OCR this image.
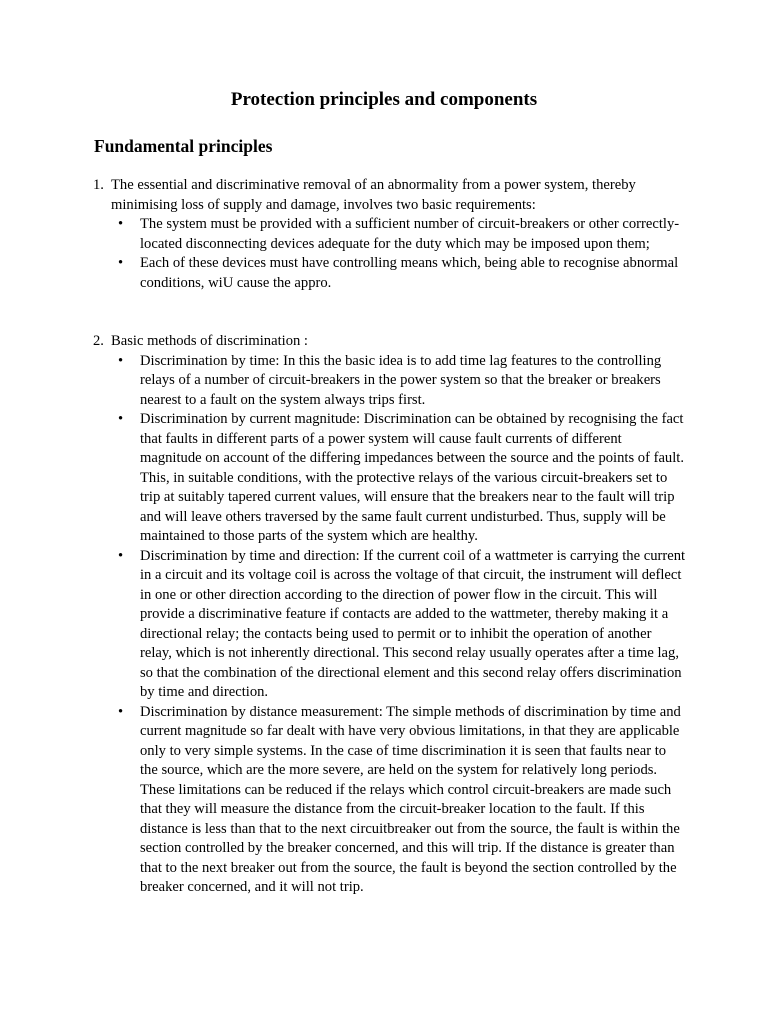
Protection principles and components
Fundamental principles
1. The essential and discriminative removal of an abnormality from a power system, thereby minimising loss of supply and damage, involves two basic requirements:
• The system must be provided with a sufficient number of circuit-breakers or other correctly-located disconnecting devices adequate for the duty which may be imposed upon them;
• Each of these devices must have controlling means which, being able to recognise abnormal conditions, wiU cause the appro.
2. Basic methods of discrimination :
• Discrimination by time: In this the basic idea is to add time lag features to the controlling relays of a number of circuit-breakers in the power system so that the breaker or breakers nearest to a fault on the system always trips first.
• Discrimination by current magnitude: Discrimination can be obtained by recognising the fact that faults in different parts of a power system will cause fault currents of different magnitude on account of the differing impedances between the source and the points of fault. This, in suitable conditions, with the protective relays of the various circuit-breakers set to trip at suitably tapered current values, will ensure that the breakers near to the fault will trip and will leave others traversed by the same fault current undisturbed. Thus, supply will be maintained to those parts of the system which are healthy.
• Discrimination by time and direction: If the current coil of a wattmeter is carrying the current in a circuit and its voltage coil is across the voltage of that circuit, the instrument will deflect in one or other direction according to the direction of power flow in the circuit. This will provide a discriminative feature if contacts are added to the wattmeter, thereby making it a directional relay; the contacts being used to permit or to inhibit the operation of another relay, which is not inherently directional. This second relay usually operates after a time lag, so that the combination of the directional element and this second relay offers discrimination by time and direction.
• Discrimination by distance measurement: The simple methods of discrimination by time and current magnitude so far dealt with have very obvious limitations, in that they are applicable only to very simple systems. In the case of time discrimination it is seen that faults near to the source, which are the more severe, are held on the system for relatively long periods. These limitations can be reduced if the relays which control circuit-breakers are made such that they will measure the distance from the circuit-breaker location to the fault. If this distance is less than that to the next circuitbreaker out from the source, the fault is within the section controlled by the breaker concerned, and this will trip. If the distance is greater than that to the next breaker out from the source, the fault is beyond the section controlled by the breaker concerned, and it will not trip.
